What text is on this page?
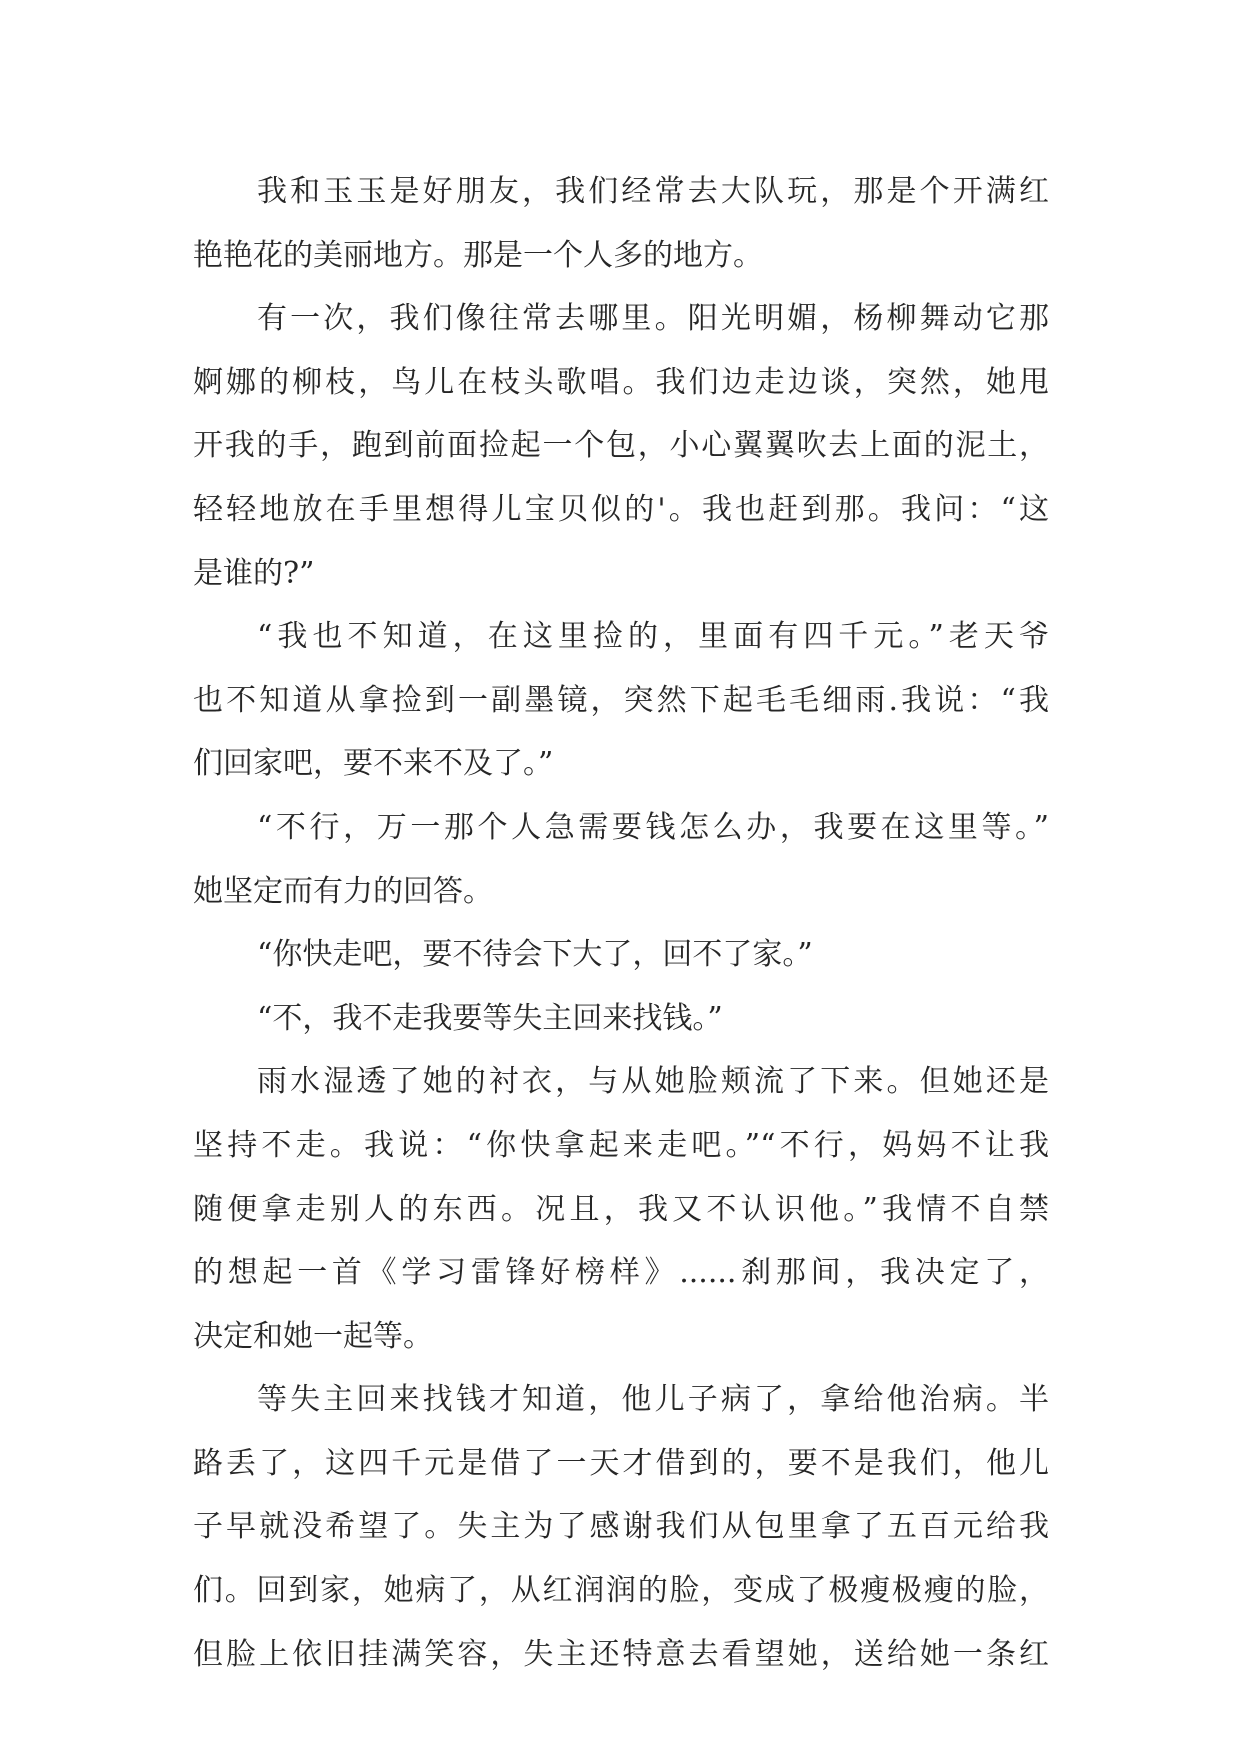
我和玉玉是好朋友，我们经常去大队玩，那是个开满红
艳艳花的美丽地方。那是一个人多的地方。
有一次，我们像往常去哪里。阳光明媚，杨柳舞动它那
婀娜的柳枝，鸟儿在枝头歌唱。我们边走边谈，突然，她甩
开我的手，跑到前面捡起一个包，小心翼翼吹去上面的泥土，
轻轻地放在手里想得儿宝贝似的'。我也赶到那。我问：“这
是谁的?”
“我也不知道，在这里捡的，里面有四千元。”老天爷
也不知道从拿捡到一副墨镜，突然下起毛毛细雨.我说：“我
们回家吧，要不来不及了。”
“不行，万一那个人急需要钱怎么办，我要在这里等。”
她坚定而有力的回答。
“你快走吧，要不待会下大了，回不了家。”
“不，我不走我要等失主回来找钱。”
雨水湿透了她的衬衣，与从她脸颊流了下来。但她还是
坚持不走。我说：“你快拿起来走吧。”“不行，妈妈不让我
随便拿走别人的东西。况且，我又不认识他。”我情不自禁
的想起一首《学习雷锋好榜样》......刹那间，我决定了，
决定和她一起等。
等失主回来找钱才知道，他儿子病了，拿给他治病。半
路丢了，这四千元是借了一天才借到的，要不是我们，他儿
子早就没希望了。失主为了感谢我们从包里拿了五百元给我
们。回到家，她病了，从红润润的脸，变成了极瘦极瘦的脸，
但脸上依旧挂满笑容，失主还特意去看望她，送给她一条红
